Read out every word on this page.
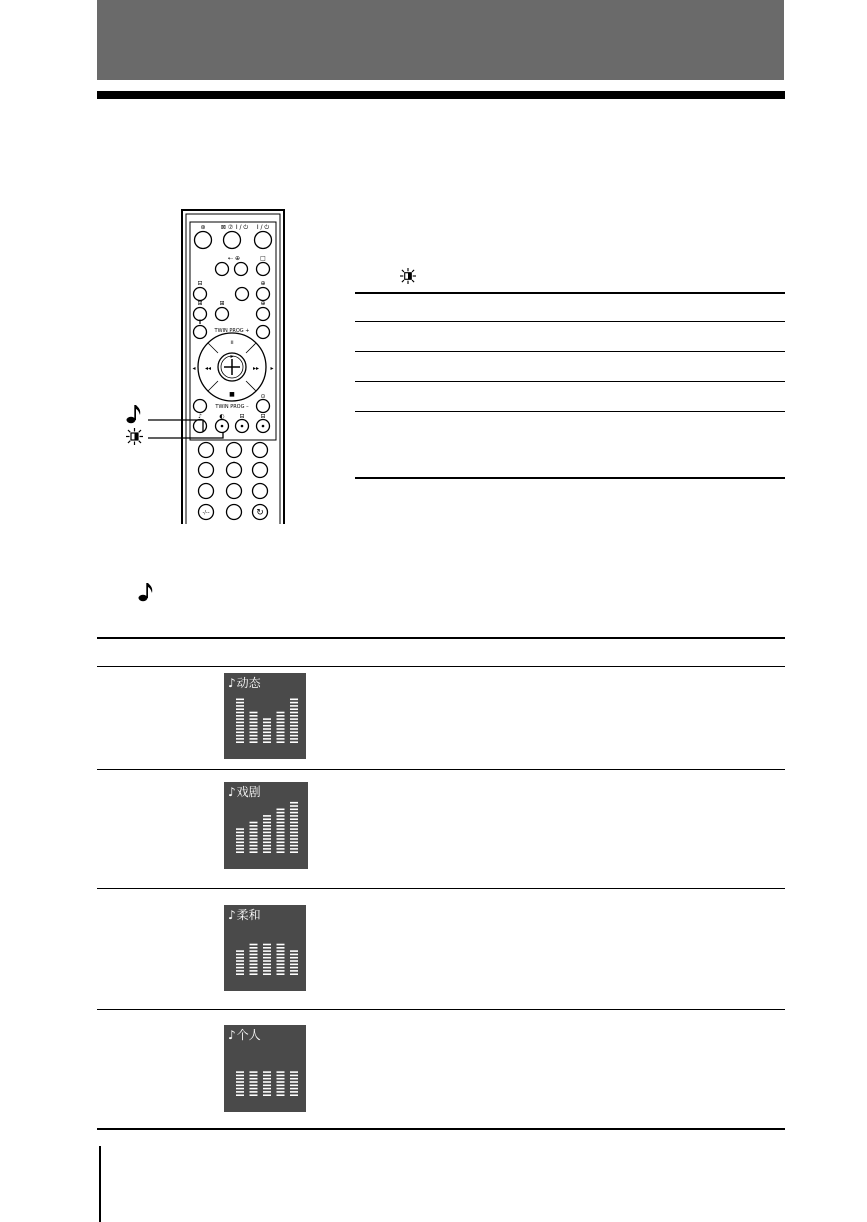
⊛	⊠ ⑦ I / ⏻ I / ⏻
⇠ ⊕	□
⊟	⊕
⊞	⊞	⊕
Ⅱ
ıı
◂◂	▸▸
■
▸
TWIN PROG +
TWIN PROG –
◂	▸
♪	◐ ⊟	⊟
⊙
•
-/--	↻
♪动态
♪戏剧
♪柔和
♪个人
